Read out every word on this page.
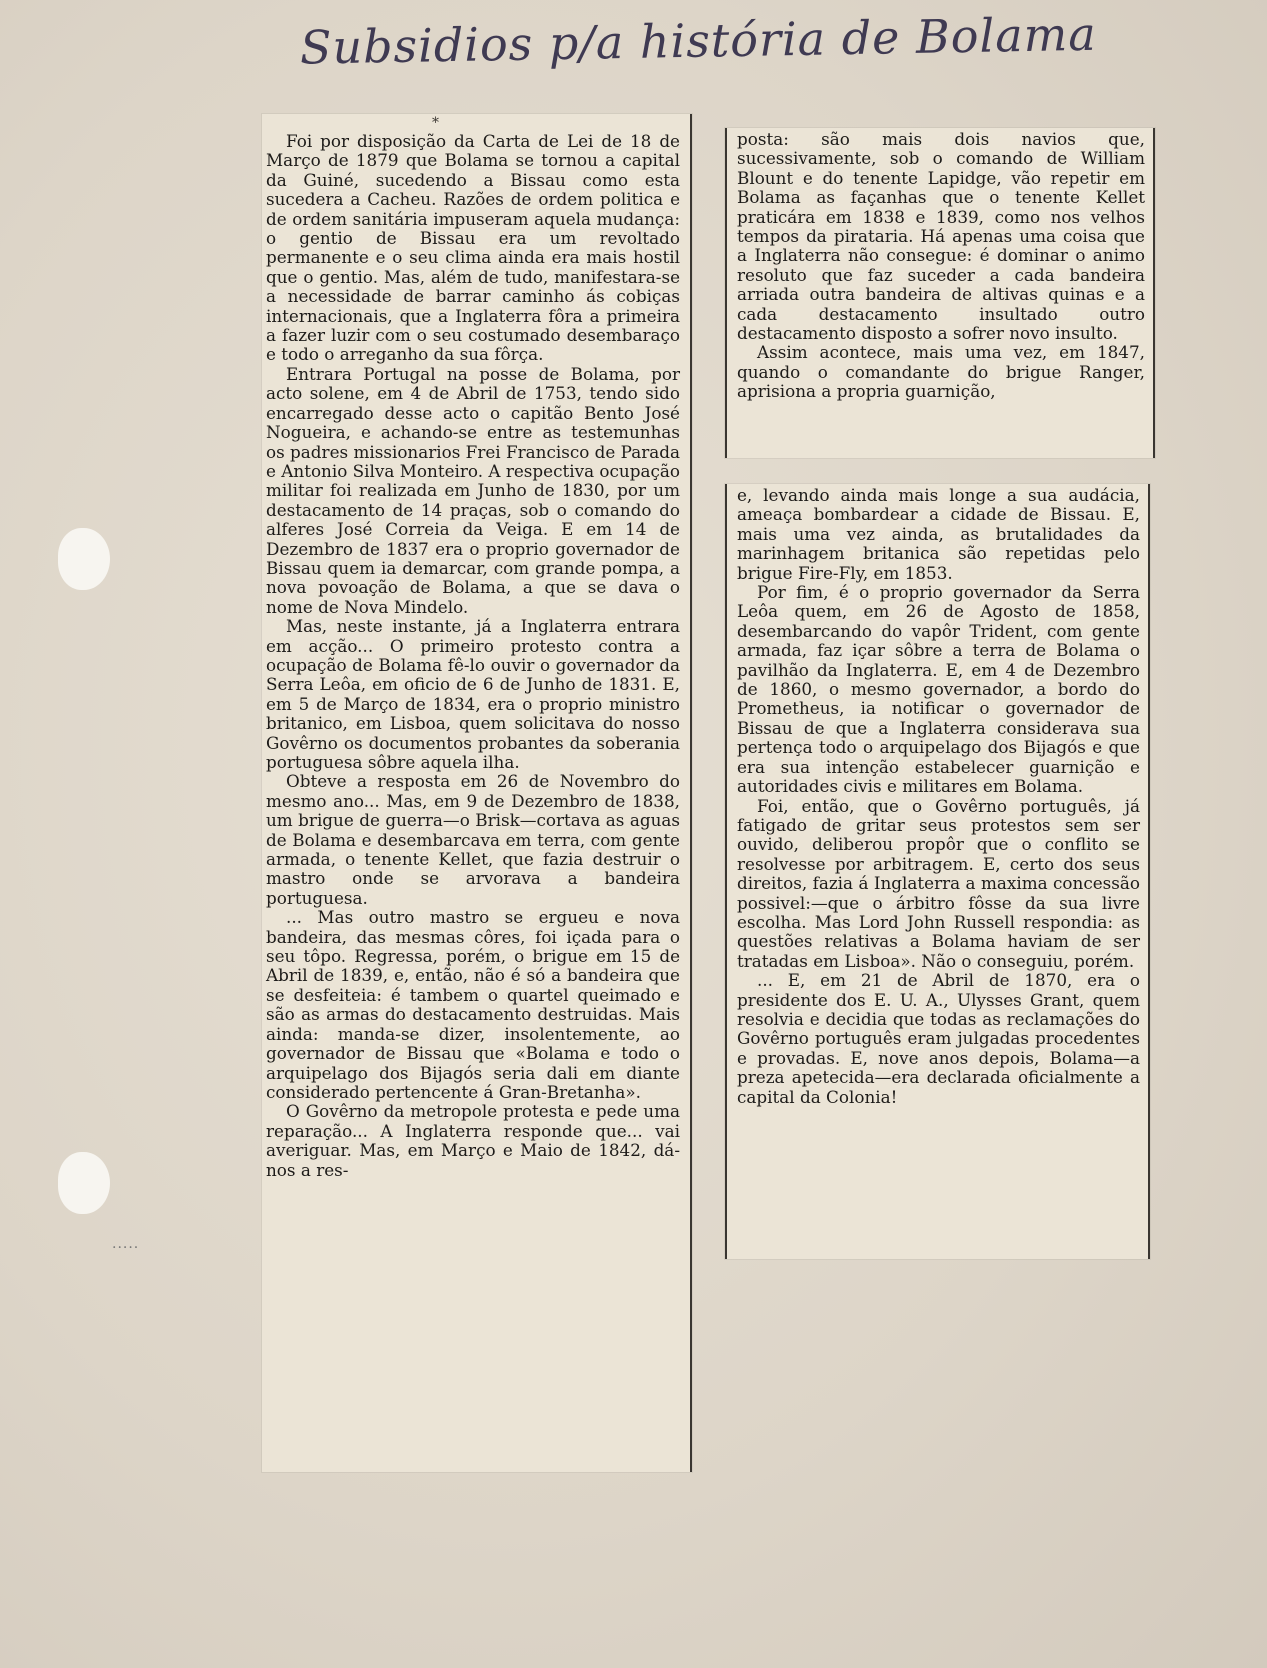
.....
Subsidios p/a história de Bolama
*

Foi por disposição da Carta de Lei de 18 de Março de 1879 que Bolama se tornou a capital da Guiné, sucedendo a Bissau como esta sucedera a Cacheu. Razões de ordem politica e de ordem sanitária impuseram aquela mudança: o gentio de Bissau era um revoltado permanente e o seu clima ainda era mais hostil que o gentio. Mas, além de tudo, manifestara-se a necessidade de barrar caminho ás cobiças internacionais, que a Inglaterra fôra a primeira a fazer luzir com o seu costumado desembaraço e todo o arreganho da sua fôrça.

Entrara Portugal na posse de Bolama, por acto solene, em 4 de Abril de 1753, tendo sido encarregado desse acto o capitão Bento José Nogueira, e achando-se entre as testemunhas os padres missionarios Frei Francisco de Parada e Antonio Silva Monteiro. A respectiva ocupação militar foi realizada em Junho de 1830, por um destacamento de 14 praças, sob o comando do alferes José Correia da Veiga. E em 14 de Dezembro de 1837 era o proprio governador de Bissau quem ia demarcar, com grande pompa, a nova povoação de Bolama, a que se dava o nome de Nova Mindelo.

Mas, neste instante, já a Inglaterra entrara em acção... O primeiro protesto contra a ocupação de Bolama fê-lo ouvir o governador da Serra Leôa, em oficio de 6 de Junho de 1831. E, em 5 de Março de 1834, era o proprio ministro britanico, em Lisboa, quem solicitava do nosso Govêrno os documentos probantes da soberania portuguesa sôbre aquela ilha.

Obteve a resposta em 26 de Novembro do mesmo ano... Mas, em 9 de Dezembro de 1838, um brigue de guerra—o Brisk—cortava as aguas de Bolama e desembarcava em terra, com gente armada, o tenente Kellet, que fazia destruir o mastro onde se arvorava a bandeira portuguesa.

... Mas outro mastro se ergueu e nova bandeira, das mesmas côres, foi içada para o seu tôpo. Regressa, porém, o brigue em 15 de Abril de 1839, e, então, não é só a bandeira que se desfeiteia: é tambem o quartel queimado e são as armas do destacamento destruidas. Mais ainda: manda-se dizer, insolentemente, ao governador de Bissau que «Bolama e todo o arquipelago dos Bijagós seria dali em diante considerado pertencente á Gran-Bretanha».

O Govêrno da metropole protesta e pede uma reparação... A Inglaterra responde que... vai averiguar. Mas, em Março e Maio de 1842, dá-nos a res-

posta: são mais dois navios que, sucessivamente, sob o comando de William Blount e do tenente Lapidge, vão repetir em Bolama as façanhas que o tenente Kellet praticára em 1838 e 1839, como nos velhos tempos da pirataria. Há apenas uma coisa que a Inglaterra não consegue: é dominar o animo resoluto que faz suceder a cada bandeira arriada outra bandeira de altivas quinas e a cada destacamento insultado outro destacamento disposto a sofrer novo insulto.

Assim acontece, mais uma vez, em 1847, quando o comandante do brigue Ranger, aprisiona a propria guarnição,

e, levando ainda mais longe a sua audácia, ameaça bombardear a cidade de Bissau. E, mais uma vez ainda, as brutalidades da marinhagem britanica são repetidas pelo brigue Fire-Fly, em 1853.

Por fim, é o proprio governador da Serra Leôa quem, em 26 de Agosto de 1858, desembarcando do vapôr Trident, com gente armada, faz içar sôbre a terra de Bolama o pavilhão da Inglaterra. E, em 4 de Dezembro de 1860, o mesmo governador, a bordo do Prometheus, ia notificar o governador de Bissau de que a Inglaterra considerava sua pertença todo o arquipelago dos Bijagós e que era sua intenção estabelecer guarnição e autoridades civis e militares em Bolama.

Foi, então, que o Govêrno português, já fatigado de gritar seus protestos sem ser ouvido, deliberou propôr que o conflito se resolvesse por arbitragem. E, certo dos seus direitos, fazia á Inglaterra a maxima concessão possivel:—que o árbitro fôsse da sua livre escolha. Mas Lord John Russell respondia: as questões relativas a Bolama haviam de ser tratadas em Lisboa». Não o conseguiu, porém.

... E, em 21 de Abril de 1870, era o presidente dos E. U. A., Ulysses Grant, quem resolvia e decidia que todas as reclamações do Govêrno português eram julgadas procedentes e provadas. E, nove anos depois, Bolama—a preza apetecida—era declarada oficialmente a capital da Colonia!
